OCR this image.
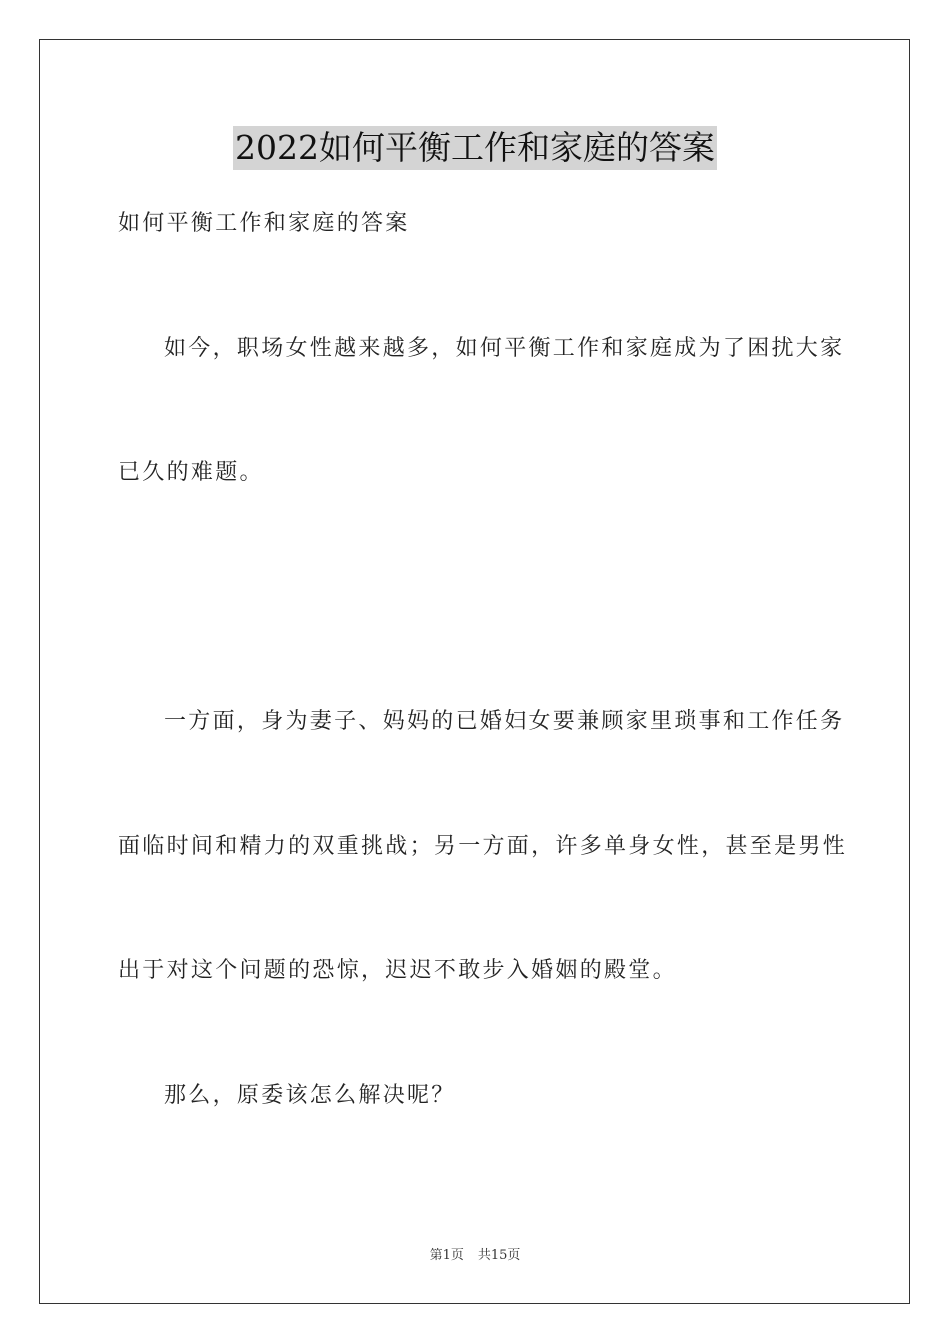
2022如何平衡工作和家庭的答案
如何平衡工作和家庭的答案
如今，职场女性越来越多，如何平衡工作和家庭成为了困扰大家
已久的难题。
一方面，身为妻子、妈妈的已婚妇女要兼顾家里琐事和工作任务
面临时间和精力的双重挑战；另一方面，许多单身女性，甚至是男性
出于对这个问题的恐惊，迟迟不敢步入婚姻的殿堂。
那么，原委该怎么解决呢？
第1页 共15页
